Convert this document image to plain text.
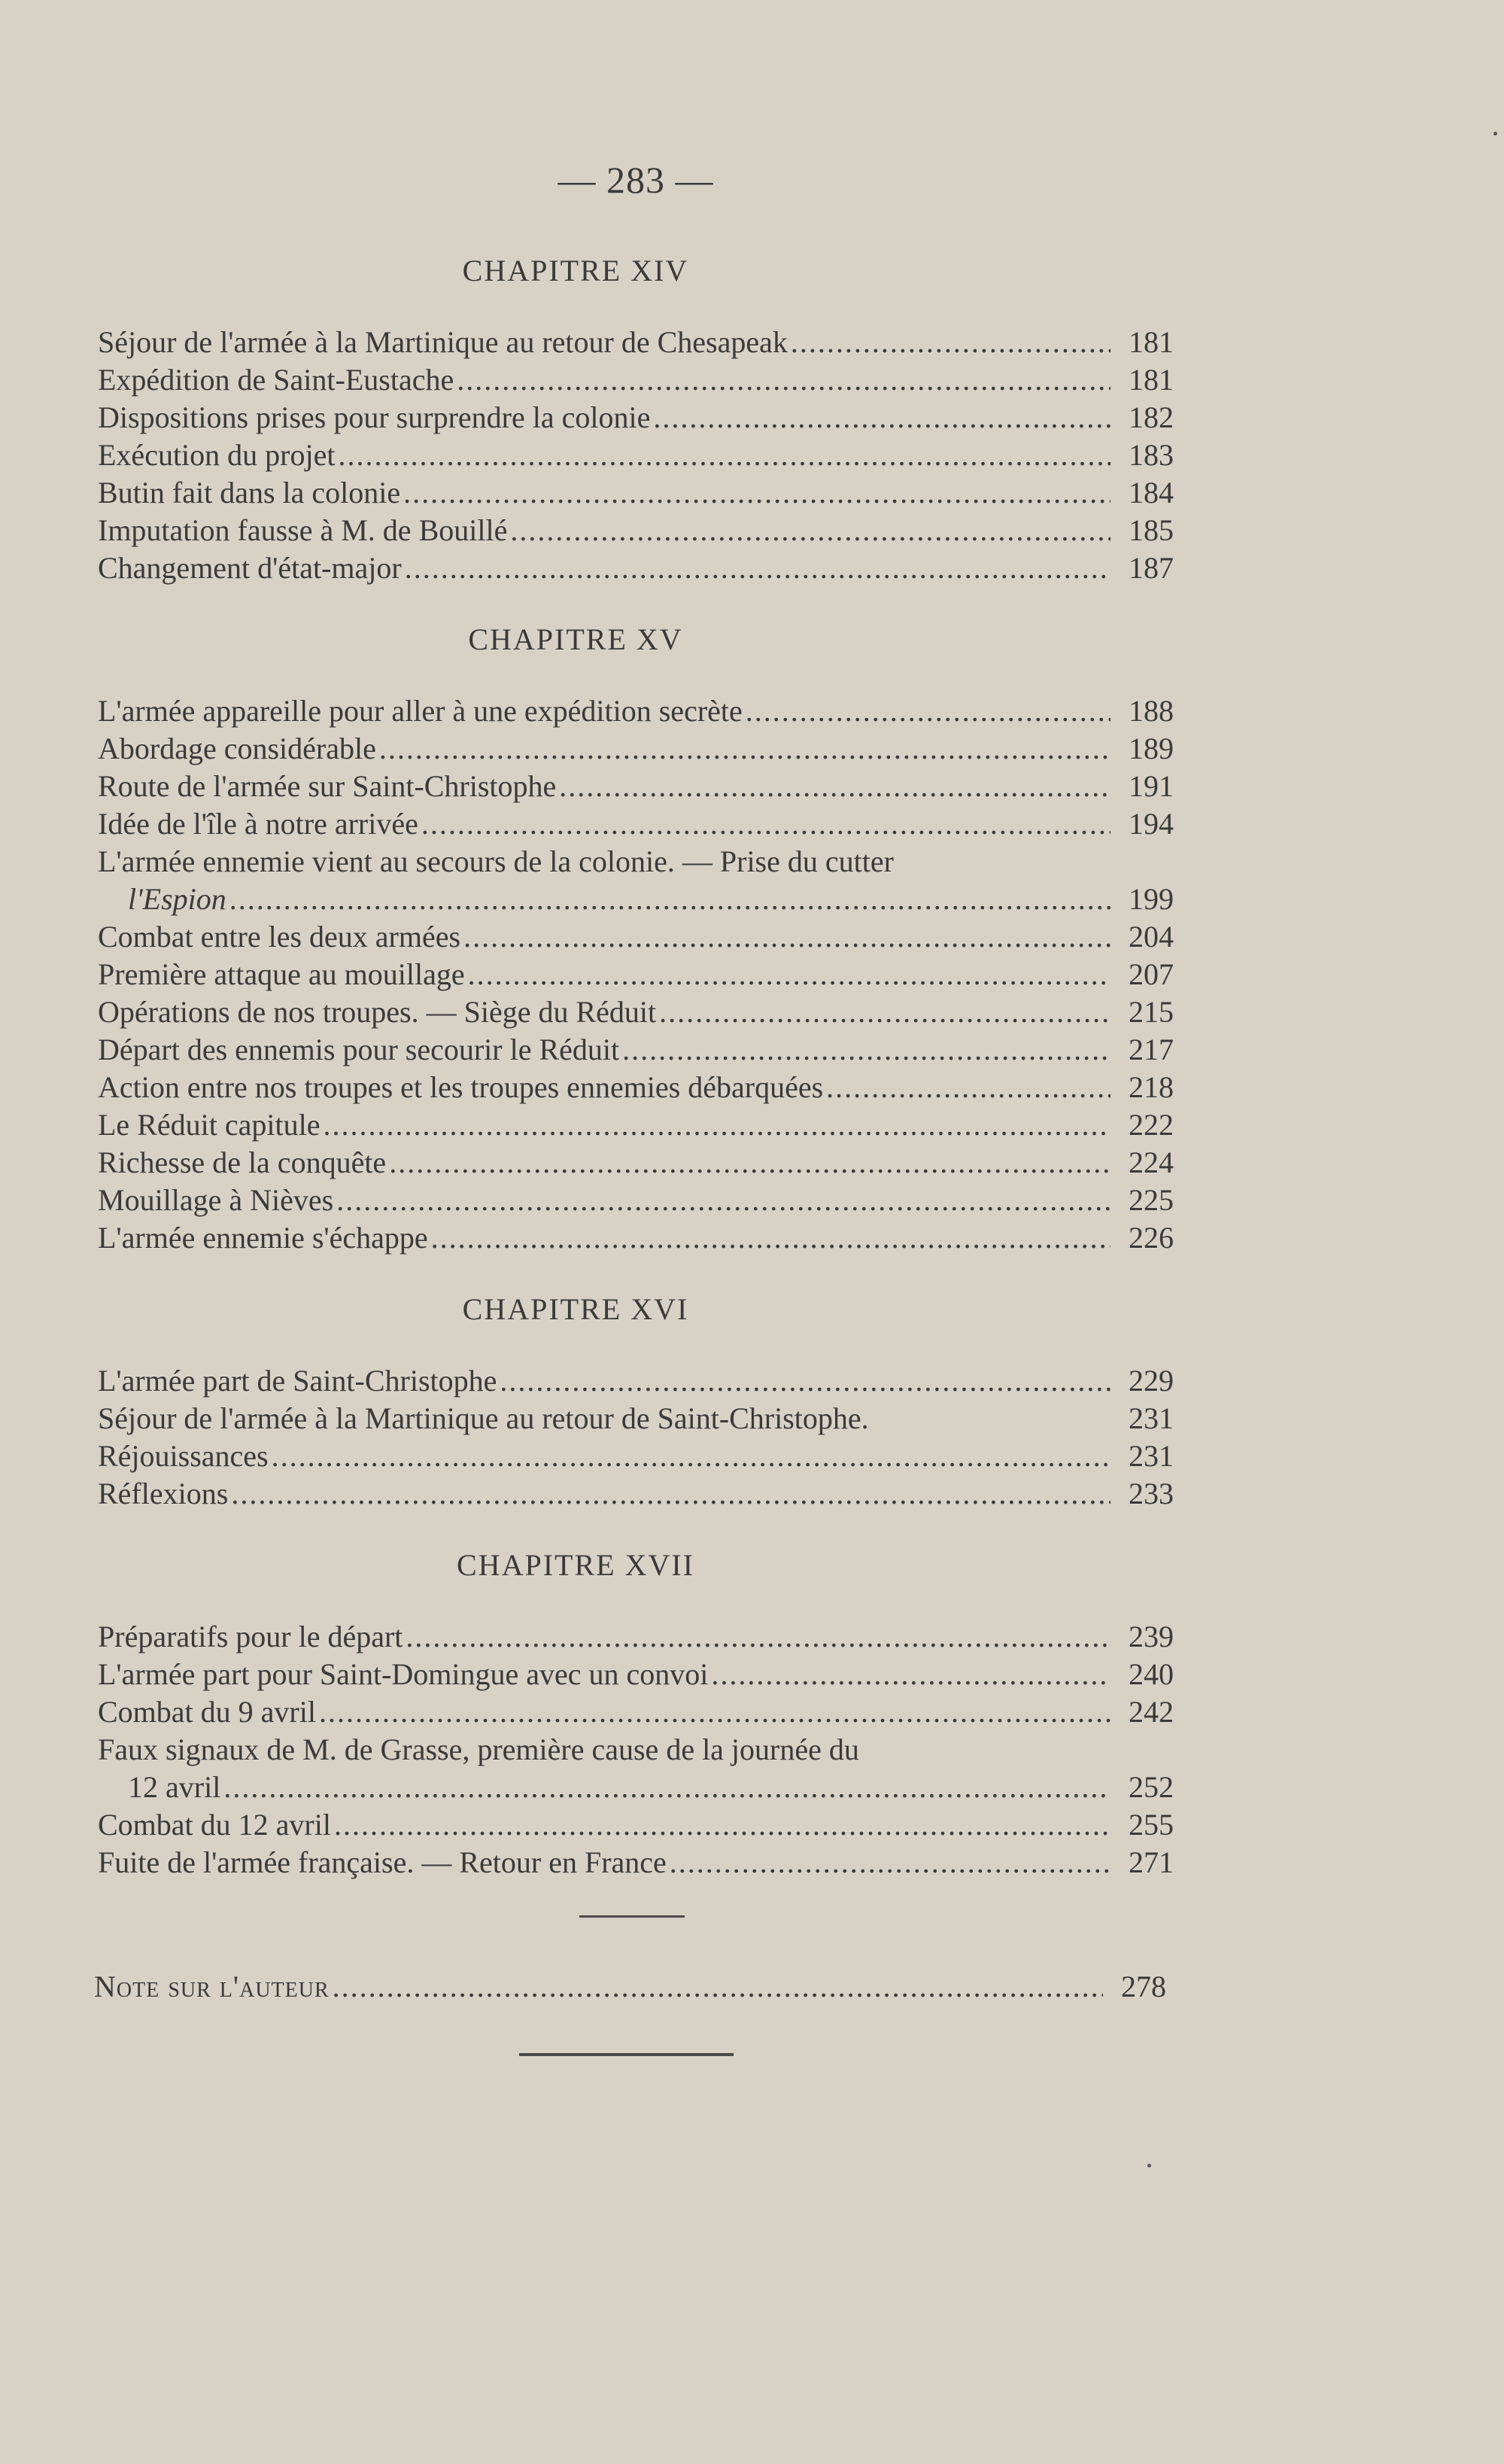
— 283 —
CHAPITRE XIV
Séjour de l'armée à la Martinique au retour de Chesapeak . . .	181
Expédition de Saint-Eustache . . .	181
Dispositions prises pour surprendre la colonie . . .	182
Exécution du projet . . .	183
Butin fait dans la colonie . . .	184
Imputation fausse à M. de Bouillé . . .	185
Changement d'état-major . . .	187
CHAPITRE XV
L'armée appareille pour aller à une expédition secrète . . .	188
Abordage considérable . . .	189
Route de l'armée sur Saint-Christophe . . .	191
Idée de l'île à notre arrivée . . .	194
L'armée ennemie vient au secours de la colonie. — Prise du cutter
l'Espion . . .	199
Combat entre les deux armées . . .	204
Première attaque au mouillage . . .	207
Opérations de nos troupes. — Siège du Réduit . . .	215
Départ des ennemis pour secourir le Réduit . . .	217
Action entre nos troupes et les troupes ennemies débarquées . . .	218
Le Réduit capitule . . .	222
Richesse de la conquête . . .	224
Mouillage à Nièves . . .	225
L'armée ennemie s'échappe . . .	226
CHAPITRE XVI
L'armée part de Saint-Christophe . . .	229
Séjour de l'armée à la Martinique au retour de Saint-Christophe.	231
Réjouissances . . .	231
Réflexions . . .	233
CHAPITRE XVII
Préparatifs pour le départ . . .	239
L'armée part pour Saint-Domingue avec un convoi . . .	240
Combat du 9 avril . . .	242
Faux signaux de M. de Grasse, première cause de la journée du
12 avril . . .	252
Combat du 12 avril . . .	255
Fuite de l'armée française. — Retour en France . . .	271
Note sur l'auteur . . .	278
